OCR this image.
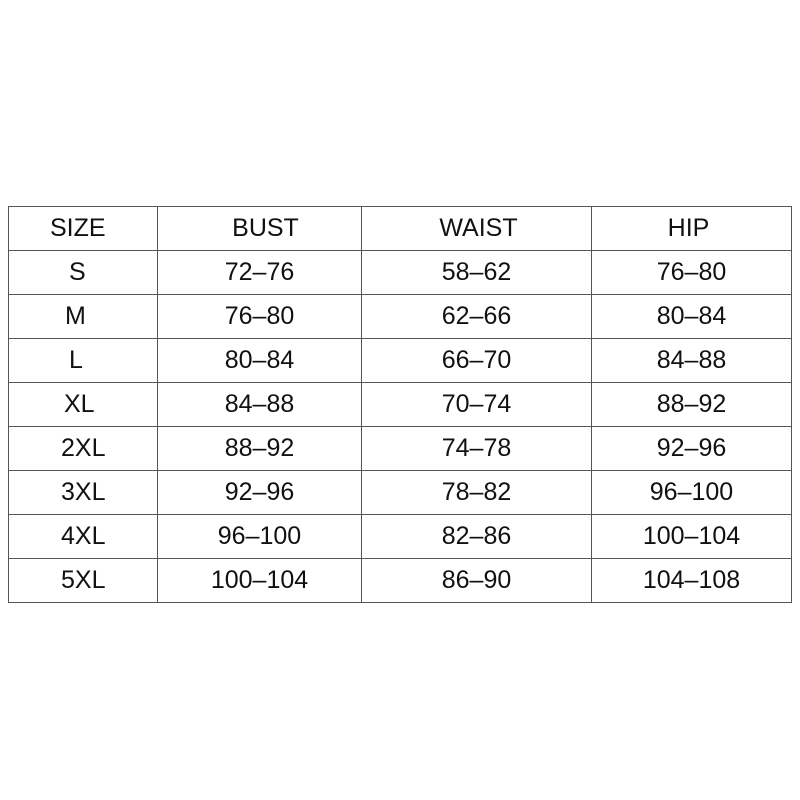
SIZE	BUST	WAIST	HIP
S	72–76	58–62	76–80
M	76–80	62–66	80–84
L	80–84	66–70	84–88
XL	84–88	70–74	88–92
2XL	88–92	74–78	92–96
3XL	92–96	78–82	96–100
4XL	96–100	82–86	100–104
5XL	100–104	86–90	104–108
